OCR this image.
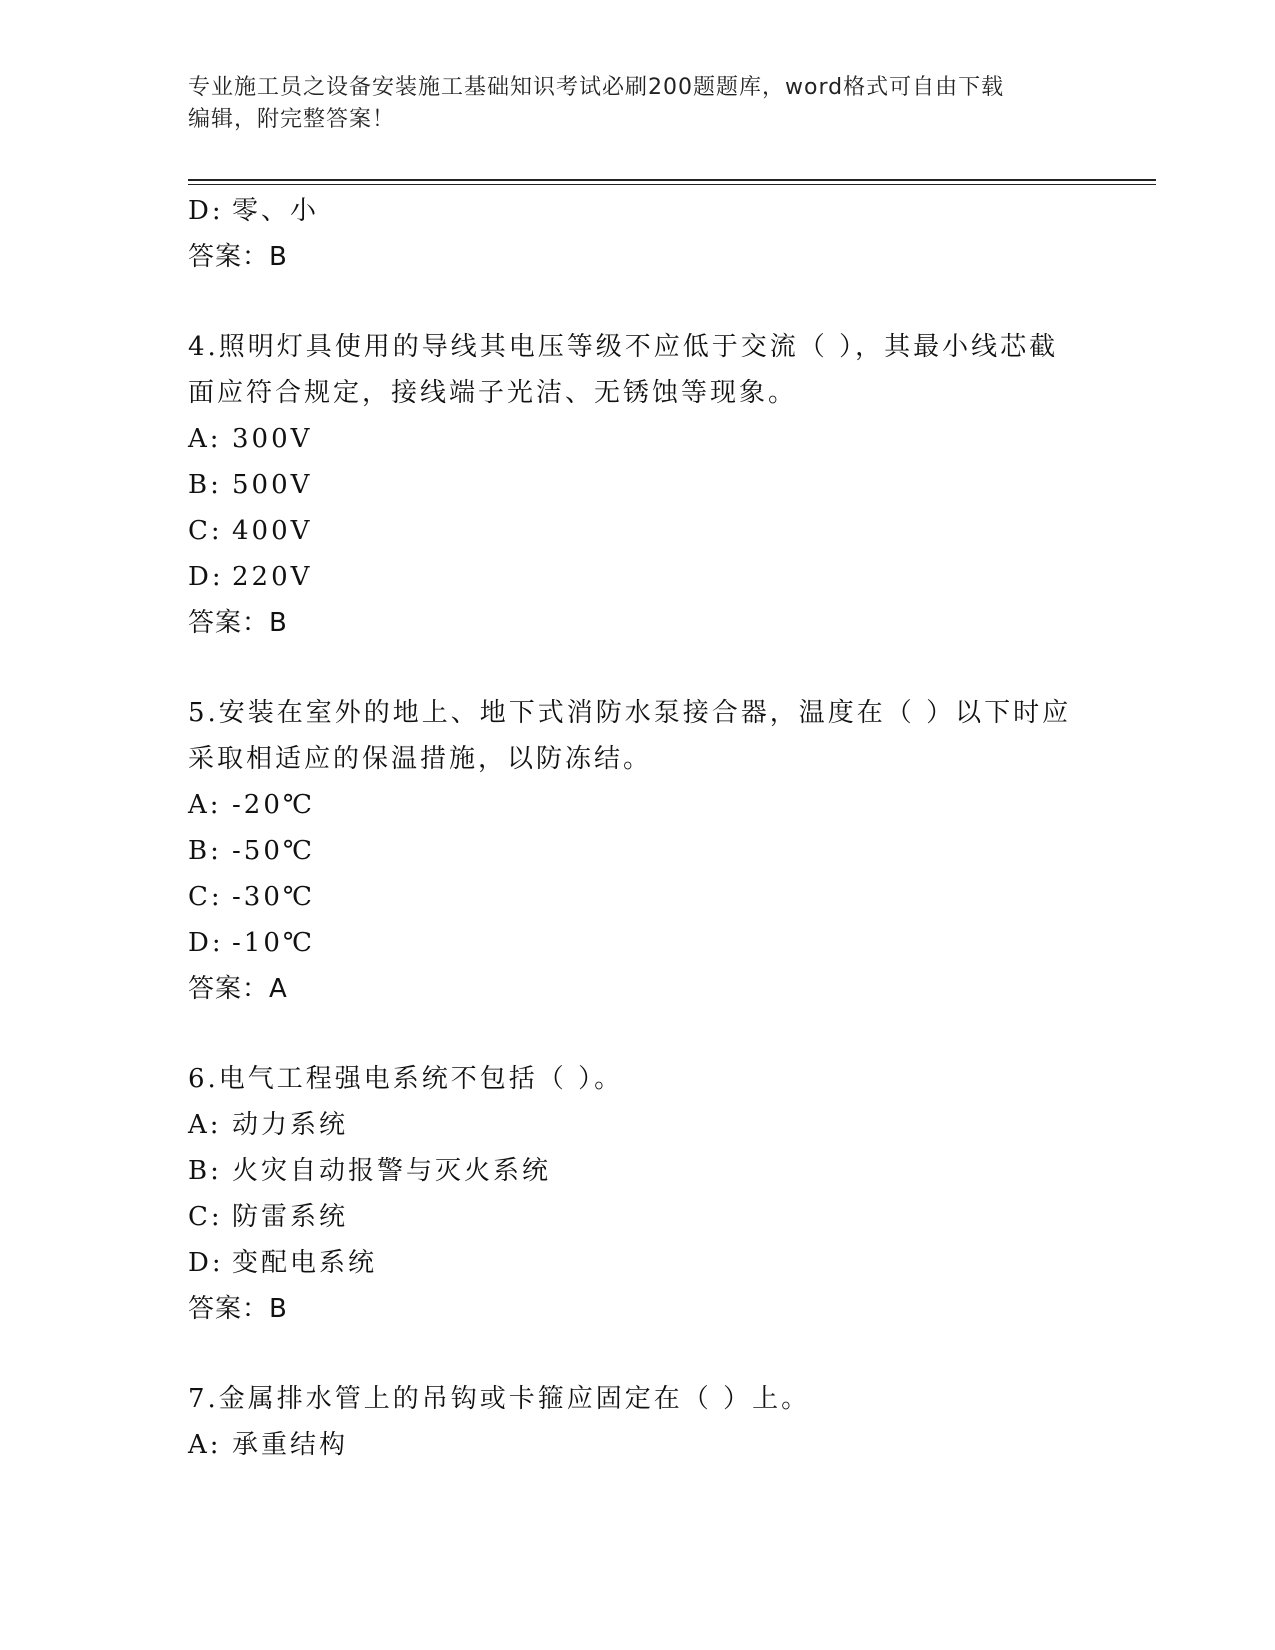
专业施工员之设备安装施工基础知识考试必刷200题题库，word格式可自由下载
编辑，附完整答案！
D: 零、小
答案：B
4.照明灯具使用的导线其电压等级不应低于交流（ ），其最小线芯截
面应符合规定，接线端子光洁、无锈蚀等现象。
A: 300V
B: 500V
C: 400V
D: 220V
答案：B
5.安装在室外的地上、地下式消防水泵接合器，温度在（ ）以下时应
采取相适应的保温措施，以防冻结。
A: -20℃
B: -50℃
C: -30℃
D: -10℃
答案：A
6.电气工程强电系统不包括（ ）。
A: 动力系统
B: 火灾自动报警与灭火系统
C: 防雷系统
D: 变配电系统
答案：B
7.金属排水管上的吊钩或卡箍应固定在（ ）上。
A: 承重结构
